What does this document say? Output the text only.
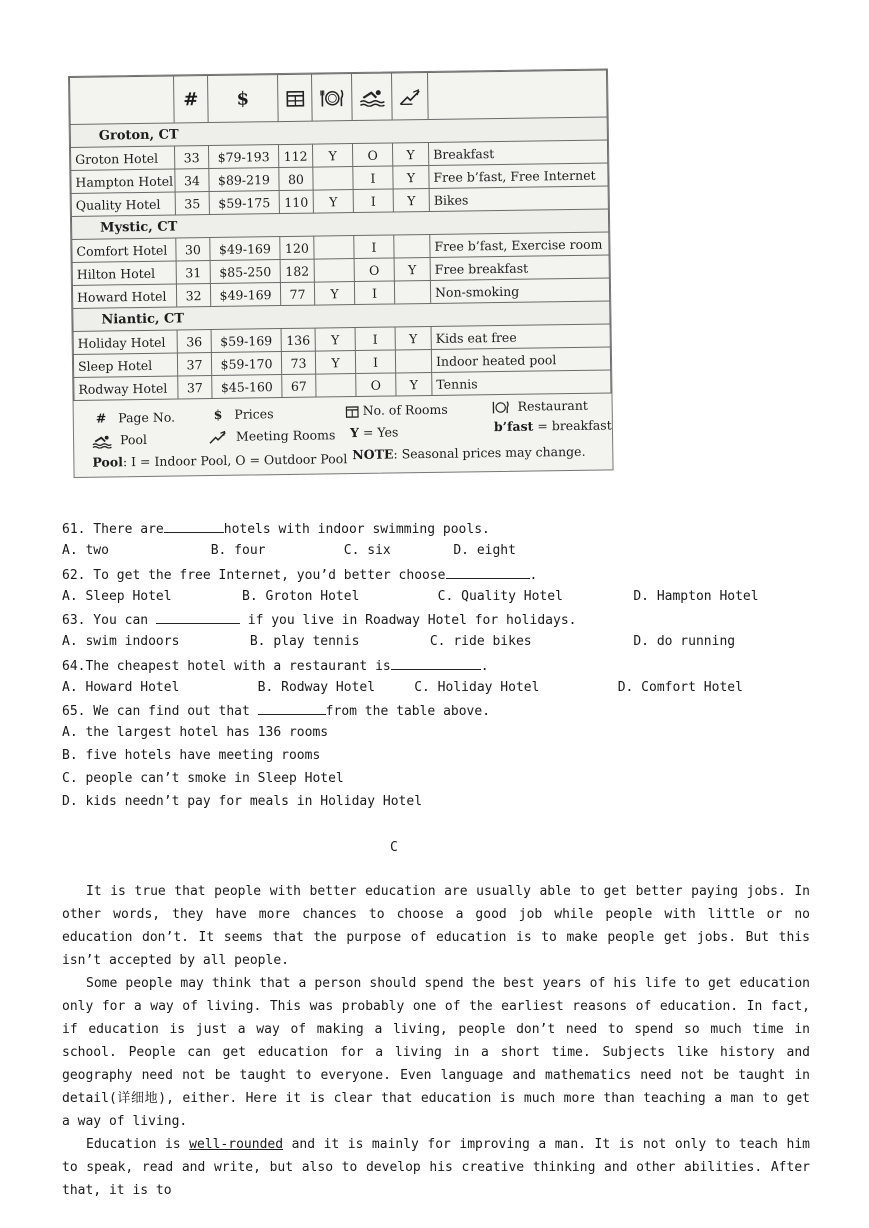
	#	$					
Groton, CT							
Groton Hotel	33	$79-193	112	Y	O	Y	Breakfast
Hampton Hotel	34	$89-219	80		I	Y	Free b’fast, Free Internet
Quality Hotel	35	$59-175	110	Y	I	Y	Bikes
Mystic, CT							
Comfort Hotel	30	$49-169	120		I		Free b’fast, Exercise room
Hilton Hotel	31	$85-250	182		O	Y	Free breakfast
Howard Hotel	32	$49-169	77	Y	I		Non-smoking
Niantic, CT							
Holiday Hotel	36	$59-169	136	Y	I	Y	Kids eat free
Sleep Hotel	37	$59-170	73	Y	I		Indoor heated pool
Rodway Hotel	37	$45-160	67		O	Y	Tennis
# Page No.	$ Prices	No. of Rooms	Restaurant
Pool	Meeting Rooms Y = Yes	b’fast = breakfast
Pool: I = Indoor Pool, O = Outdoor Pool NOTE: Seasonal prices may change.
61. There are	hotels with indoor swimming pools.
A. two             B. four          C. six        D. eight
62. To get the free Internet, you’d better choose	.
A. Sleep Hotel         B. Groton Hotel          C. Quality Hotel         D. Hampton Hotel
63. You can	if you live in Roadway Hotel for holidays.
A. swim indoors         B. play tennis         C. ride bikes             D. do running
64.The cheapest hotel with a restaurant is	.
A. Howard Hotel          B. Rodway Hotel     C. Holiday Hotel          D. Comfort Hotel
65. We can find out that	from the table above.
A. the largest hotel has 136 rooms
B. five hotels have meeting rooms
C. people can’t smoke in Sleep Hotel
D. kids needn’t pay for meals in Holiday Hotel
C

It is true that people with better education are usually able to get better paying jobs. In other words, they have more chances to choose a good job while people with little or no education don’t. It seems that the purpose of education is to make people get jobs. But this isn’t accepted by all people.

Some people may think that a person should spend the best years of his life to get education only for a way of living. This was probably one of the earliest reasons of education. In fact, if education is just a way of making a living, people don’t need to spend so much time in school. People can get education for a living in a short time. Subjects like history and geography need not be taught to everyone. Even language and mathematics need not be taught in detail(详细地), either. Here it is clear that education is much more than teaching a man to get a way of living.

Education is well-rounded and it is mainly for improving a man. It is not only to teach him to speak, read and write, but also to develop his creative thinking and other abilities. After that, it is to
